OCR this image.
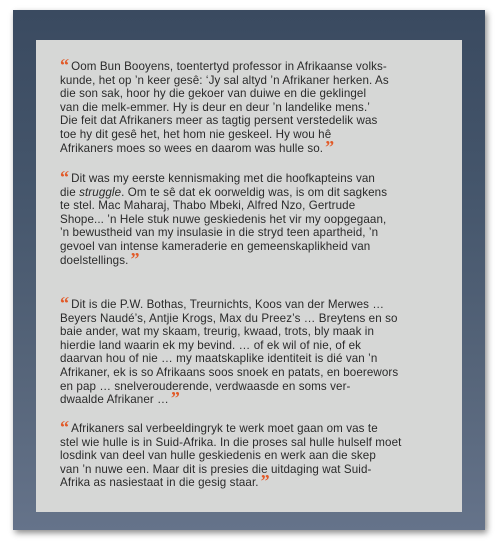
“ Oom Bun Booyens, toentertyd professor in Afrikaanse volks-
kunde, het op ’n keer gesê: ‘Jy sal altyd ’n Afrikaner herken. As
die son sak, hoor hy die gekoer van duiwe en die geklingel
van die melk-emmer. Hy is deur en deur ’n landelike mens.’
Die feit dat Afrikaners meer as tagtig persent verstedelik was
toe hy dit gesê het, het hom nie geskeel. Hy wou hê
Afrikaners moes so wees en daarom was hulle so. ”

“ Dit was my eerste kennismaking met die hoofkapteins van
die struggle. Om te sê dat ek oorweldig was, is om dit sagkens
te stel. Mac Maharaj, Thabo Mbeki, Alfred Nzo, Gertrude
Shope... ’n Hele stuk nuwe geskiedenis het vir my oopgegaan,
’n bewustheid van my insulasie in die stryd teen apartheid, ’n
gevoel van intense kameraderie en gemeenskaplikheid van
doelstellings. ”

“ Dit is die P.W. Bothas, Treurnichts, Koos van der Merwes …
Beyers Naudé’s, Antjie Krogs, Max du Preez’s … Breytens en so
baie ander, wat my skaam, treurig, kwaad, trots, bly maak in
hierdie land waarin ek my bevind. … of ek wil of nie, of ek
daarvan hou of nie … my maatskaplike identiteit is dié van ’n
Afrikaner, ek is so Afrikaans soos snoek en patats, en boerewors
en pap … snelverouderende, verdwaasde en soms ver-
dwaalde Afrikaner … ”

“ Afrikaners sal verbeeldingryk te werk moet gaan om vas te
stel wie hulle is in Suid-Afrika. In die proses sal hulle hulself moet
losdink van deel van hulle geskiedenis en werk aan die skep
van ’n nuwe een. Maar dit is presies die uitdaging wat Suid-
Afrika as nasiestaat in die gesig staar. ”
